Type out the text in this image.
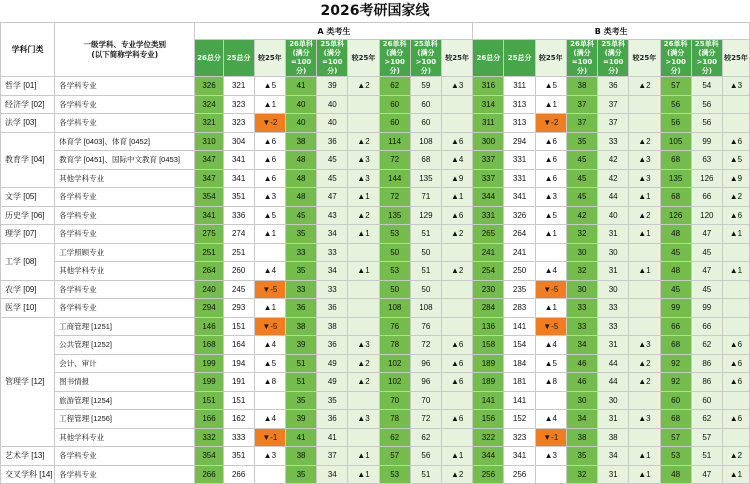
2026考研国家线
学科门类	一级学科、专业学位类别
(以下简称学科专业)	A 类考生									B 类考生								
		26总分	25总分	较25年	26单科 (满分 =100分)	25单科 (满分 =100分)	较25年	26单科 (满分 >100分)	25单科 (满分 >100分)	较25年	26总分	25总分	较25年	26单科 (满分 =100分)	25单科 (满分 =100分)	较25年	26单科 (满分 >100分)	25单科 (满分 >100分)	较25年
哲学 [01]	各学科专业	326	321	▲5	41	39	▲2	62	59	▲3	316	311	▲5	38	36	▲2	57	54	▲3
经济学 [02]	各学科专业	324	323	▲1	40	40		60	60		314	313	▲1	37	37		56	56	
法学 [03]	各学科专业	321	323	▼-2	40	40		60	60		311	313	▼-2	37	37		56	56	
教育学 [04]	体育学 [0403]、体育 [0452]	310	304	▲6	38	36	▲2	114	108	▲6	300	294	▲6	35	33	▲2	105	99	▲6
	教育学 [0451]、国际中文教育 [0453]	347	341	▲6	48	45	▲3	72	68	▲4	337	331	▲6	45	42	▲3	68	63	▲5
	其他学科专业	347	341	▲6	48	45	▲3	144	135	▲9	337	331	▲6	45	42	▲3	135	126	▲9
文学 [05]	各学科专业	354	351	▲3	48	47	▲1	72	71	▲1	344	341	▲3	45	44	▲1	68	66	▲2
历史学 [06]	各学科专业	341	336	▲5	45	43	▲2	135	129	▲6	331	326	▲5	42	40	▲2	126	120	▲6
理学 [07]	各学科专业	275	274	▲1	35	34	▲1	53	51	▲2	265	264	▲1	32	31	▲1	48	47	▲1
工学 [08]	工学照顾专业	251	251		33	33		50	50		241	241		30	30		45	45	
	其他学科专业	264	260	▲4	35	34	▲1	53	51	▲2	254	250	▲4	32	31	▲1	48	47	▲1
农学 [09]	各学科专业	240	245	▼-5	33	33		50	50		230	235	▼-5	30	30		45	45	
医学 [10]	各学科专业	294	293	▲1	36	36		108	108		284	283	▲1	33	33		99	99	
管理学 [12]	工商管理 [1251]	146	151	▼-5	38	38		76	76		136	141	▼-5	33	33		66	66	
	公共管理 [1252]	168	164	▲4	39	36	▲3	78	72	▲6	158	154	▲4	34	31	▲3	68	62	▲6
	会计、审计	199	194	▲5	51	49	▲2	102	96	▲6	189	184	▲5	46	44	▲2	92	86	▲6
	图书情报	199	191	▲8	51	49	▲2	102	96	▲6	189	181	▲8	46	44	▲2	92	86	▲6
	旅游管理 [1254]	151	151		35	35		70	70		141	141		30	30		60	60	
	工程管理 [1256]	166	162	▲4	39	36	▲3	78	72	▲6	156	152	▲4	34	31	▲3	68	62	▲6
	其他学科专业	332	333	▼-1	41	41		62	62		322	323	▼-1	38	38		57	57	
艺术学 [13]	各学科专业	354	351	▲3	38	37	▲1	57	56	▲1	344	341	▲3	35	34	▲1	53	51	▲2
交叉学科 [14]	各学科专业	266	266		35	34	▲1	53	51	▲2	256	256		32	31	▲1	48	47	▲1
